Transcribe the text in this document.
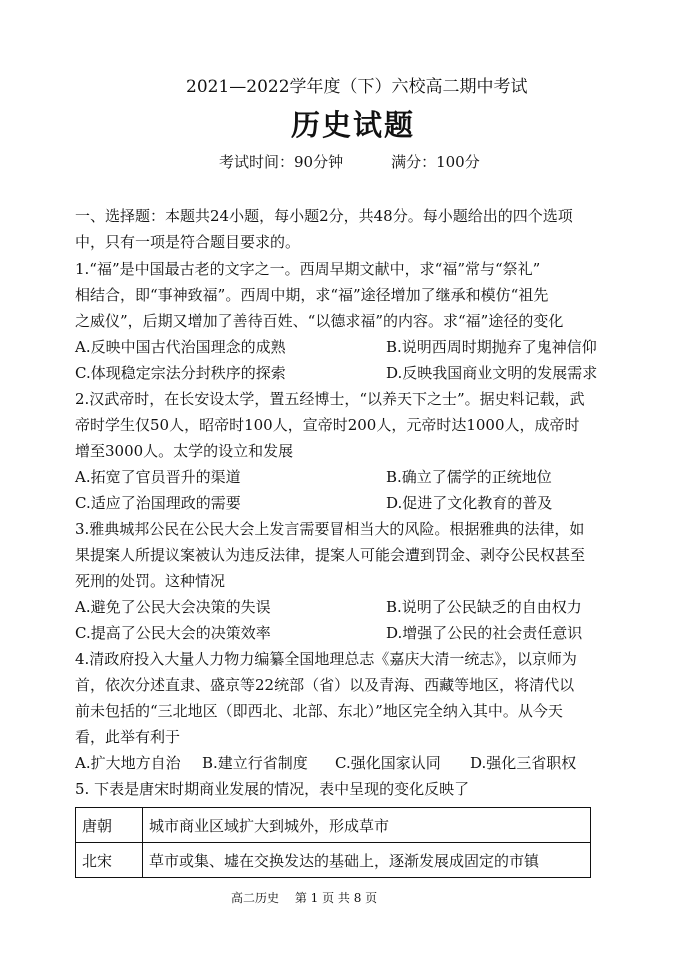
2021—2022学年度（下）六校高二期中考试
历史试题
考试时间：90分钟	满分：100分
一、选择题：本题共24小题，每小题2分，共48分。每小题给出的四个选项
中，只有一项是符合题目要求的。
1.“福”是中国最古老的文字之一。西周早期文献中，求“福”常与“祭礼”
相结合，即“事神致福”。西周中期，求“福”途径增加了继承和模仿“祖先
之威仪”，后期又增加了善待百姓、“以德求福”的内容。求“福”途径的变化
A.反映中国古代治国理念的成熟	B.说明西周时期抛弃了鬼神信仰
C.体现稳定宗法分封秩序的探索	D.反映我国商业文明的发展需求
2.汉武帝时，在长安设太学，置五经博士，“以养天下之士”。据史料记载，武
帝时学生仅50人，昭帝时100人，宣帝时200人，元帝时达1000人，成帝时
增至3000人。太学的设立和发展
A.拓宽了官员晋升的渠道	B.确立了儒学的正统地位
C.适应了治国理政的需要	D.促进了文化教育的普及
3.雅典城邦公民在公民大会上发言需要冒相当大的风险。根据雅典的法律，如
果提案人所提议案被认为违反法律，提案人可能会遭到罚金、剥夺公民权甚至
死刑的处罚。这种情况
A.避免了公民大会决策的失误	B.说明了公民缺乏的自由权力
C.提高了公民大会的决策效率	D.增强了公民的社会责任意识
4.清政府投入大量人力物力编纂全国地理总志《嘉庆大清一统志》，以京师为
首，依次分述直隶、盛京等22统部（省）以及青海、西藏等地区，将清代以
前未包括的“三北地区（即西北、北部、东北）”地区完全纳入其中。从今天
看，此举有利于
A.扩大地方自治 B.建立行省制度 C.强化国家认同 D.强化三省职权
5. 下表是唐宋时期商业发展的情况，表中呈现的变化反映了
唐朝	城市商业区域扩大到城外，形成草市
北宋	草市或集、墟在交换发达的基础上，逐渐发展成固定的市镇
高二历史　 第 1 页 共 8 页
